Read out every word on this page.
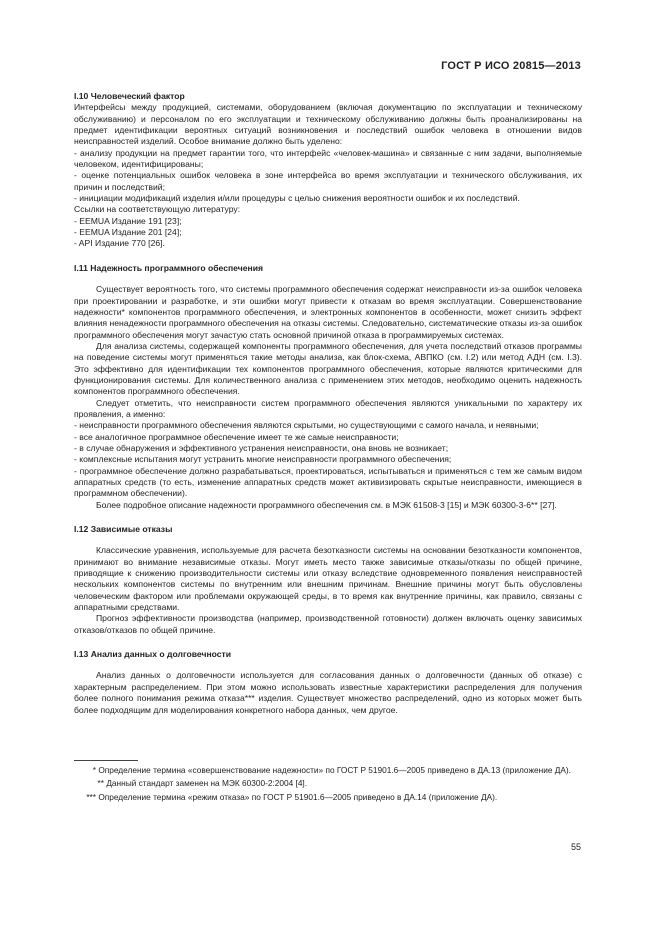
ГОСТ Р ИСО 20815—2013

I.10 Человеческий фактор

Интерфейсы между продукцией, системами, оборудованием (включая документацию по эксплуатации и техническому обслуживанию) и персоналом по его эксплуатации и техническому обслуживанию должны быть проанализированы на предмет идентификации вероятных ситуаций возникновения и последствий ошибок человека в отношении видов неисправностей изделий. Особое внимание должно быть уделено:

- анализу продукции на предмет гарантии того, что интерфейс «человек-машина» и связанные с ним задачи, выполняемые человеком, идентифицированы;

- оценке потенциальных ошибок человека в зоне интерфейса во время эксплуатации и технического обслуживания, их причин и последствий;

- инициации модификаций изделия и/или процедуры с целью снижения вероятности ошибок и их последствий.

Ссылки на соответствующую литературу:

- EEMUA Издание 191 [23];

- EEMUA Издание 201 [24];

- API Издание 770 [26].

I.11 Надежность программного обеспечения

Существует вероятность того, что системы программного обеспечения содержат неисправности из-за ошибок человека при проектировании и разработке, и эти ошибки могут привести к отказам во время эксплуатации. Совершенствование надежности* компонентов программного обеспечения, и электронных компонентов в особенности, может снизить эффект влияния ненадежности программного обеспечения на отказы системы. Следовательно, систематические отказы из-за ошибок программного обеспечения могут зачастую стать основной причиной отказа в программируемых системах.

Для анализа системы, содержащей компоненты программного обеспечения, для учета последствий отказов программы на поведение системы могут применяться такие методы анализа, как блок-схема, АВПКО (см. I.2) или метод АДН (см. I.3). Это эффективно для идентификации тех компонентов программного обеспечения, которые являются критическими для функционирования системы. Для количественного анализа с применением этих методов, необходимо оценить надежность компонентов программного обеспечения.

Следует отметить, что неисправности систем программного обеспечения являются уникальными по характеру их проявления, а именно:

- неисправности программного обеспечения являются скрытыми, но существующими с самого начала, и неявными;

- все аналогичное программное обеспечение имеет те же самые неисправности;

- в случае обнаружения и эффективного устранения неисправности, она вновь не возникает;

- комплексные испытания могут устранить многие неисправности программного обеспечения;

- программное обеспечение должно разрабатываться, проектироваться, испытываться и применяться с тем же самым видом аппаратных средств (то есть, изменение аппаратных средств может активизировать скрытые неисправности, имеющиеся в программном обеспечении).

Более подробное описание надежности программного обеспечения см. в МЭК 61508-3 [15] и МЭК 60300-3-6** [27].

I.12 Зависимые отказы

Классические уравнения, используемые для расчета безотказности системы на основании безотказности компонентов, принимают во внимание независимые отказы. Могут иметь место также зависимые отказы/отказы по общей причине, приводящие к снижению производительности системы или отказу вследствие одновременного появления неисправностей нескольких компонентов системы по внутренним или внешним причинам. Внешние причины могут быть обусловлены человеческим фактором или проблемами окружающей среды, в то время как внутренние причины, как правило, связаны с аппаратными средствами.

Прогноз эффективности производства (например, производственной готовности) должен включать оценку зависимых отказов/отказов по общей причине.

I.13 Анализ данных о долговечности

Анализ данных о долговечности используется для согласования данных о долговечности (данных об отказе) с характерным распределением. При этом можно использовать известные характеристики распределения для получения более полного понимания режима отказа*** изделия. Существует множество распределений, одно из которых может быть более подходящим для моделирования конкретного набора данных, чем другое.

* Определение термина «совершенствование надежности» по ГОСТ Р 51901.6—2005 приведено в ДА.13 (приложение ДА).

** Данный стандарт заменен на МЭК 60300-2:2004 [4].

*** Определение термина «режим отказа» по ГОСТ Р 51901.6—2005 приведено в ДА.14 (приложение ДА).

55
